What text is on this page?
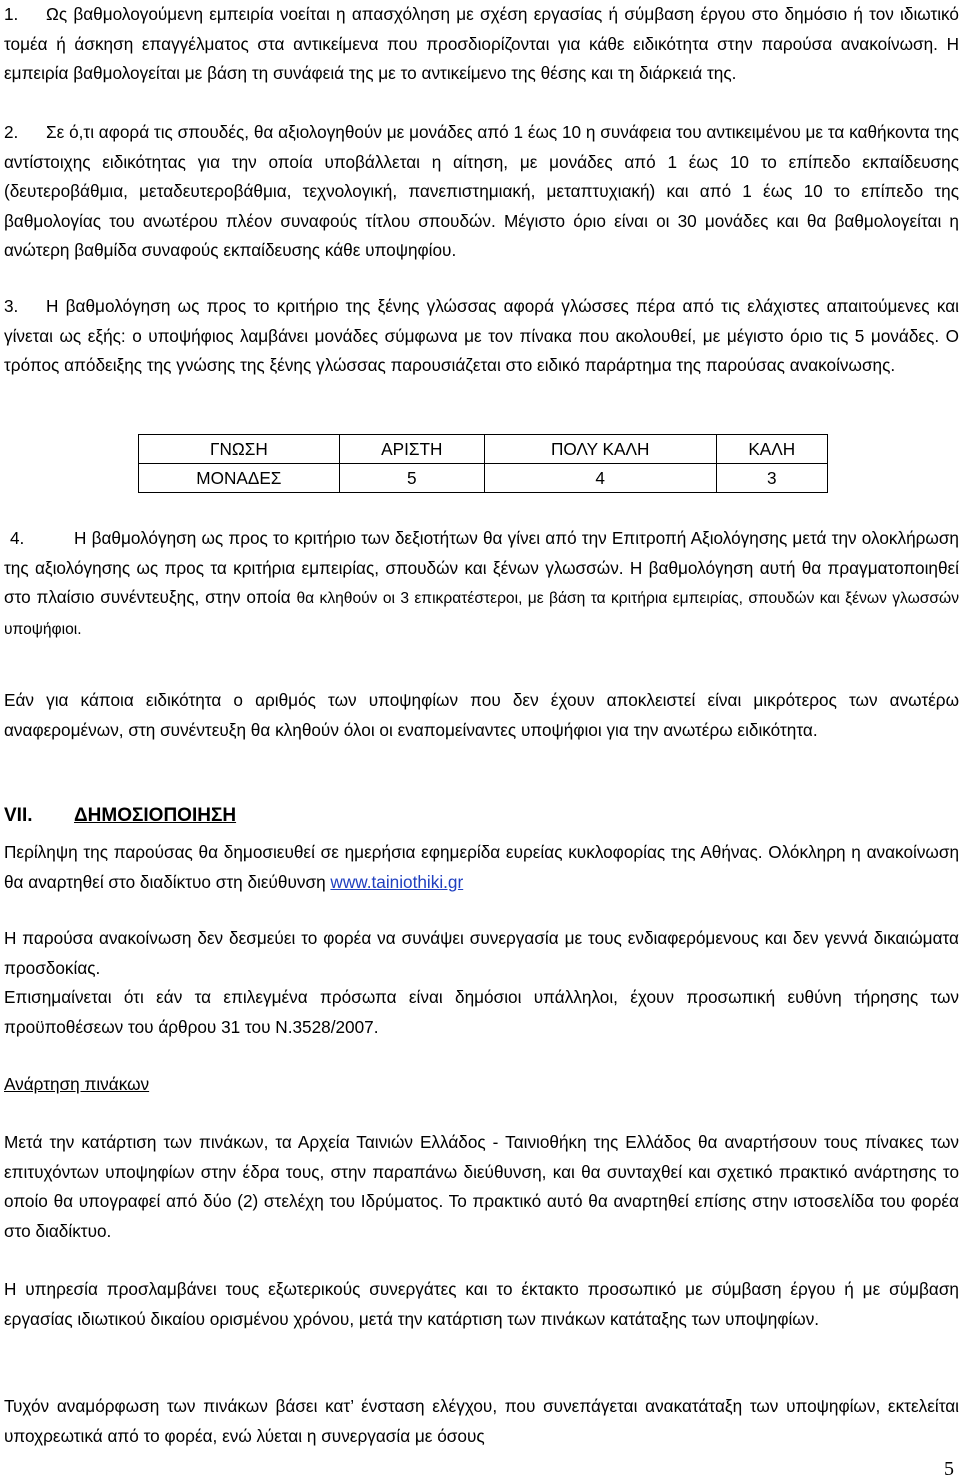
1. Ως βαθμολογούμενη εμπειρία νοείται η απασχόληση με σχέση εργασίας ή σύμβαση έργου στο δημόσιο ή τον ιδιωτικό τομέα ή άσκηση επαγγέλματος στα αντικείμενα που προσδιορίζονται για κάθε ειδικότητα στην παρούσα ανακοίνωση. Η εμπειρία βαθμολογείται με βάση τη συνάφειά της με το αντικείμενο της θέσης και τη διάρκειά της.

2. Σε ό,τι αφορά τις σπουδές, θα αξιολογηθούν με μονάδες από 1 έως 10 η συνάφεια του αντικειμένου με τα καθήκοντα της αντίστοιχης ειδικότητας για την οποία υποβάλλεται η αίτηση, με μονάδες από 1 έως 10 το επίπεδο εκπαίδευσης (δευτεροβάθμια, μεταδευτεροβάθμια, τεχνολογική, πανεπιστημιακή, μεταπτυχιακή) και από 1 έως 10 το επίπεδο της βαθμολογίας του ανωτέρου πλέον συναφούς τίτλου σπουδών. Μέγιστο όριο είναι οι 30 μονάδες και θα βαθμολογείται η ανώτερη βαθμίδα συναφούς εκπαίδευσης κάθε υποψηφίου.

3. Η βαθμολόγηση ως προς το κριτήριο της ξένης γλώσσας αφορά γλώσσες πέρα από τις ελάχιστες απαιτούμενες και γίνεται ως εξής: ο υποψήφιος λαμβάνει μονάδες σύμφωνα με τον πίνακα που ακολουθεί, με μέγιστο όριο τις 5 μονάδες. Ο τρόπος απόδειξης της γνώσης της ξένης γλώσσας παρουσιάζεται στο ειδικό παράρτημα της παρούσας ανακοίνωσης.

ΓΝΩΣΗ	ΑΡΙΣΤΗ	ΠΟΛΥ ΚΑΛΗ	ΚΑΛΗ
ΜΟΝΑΔΕΣ	5	4	3

4.	Η βαθμολόγηση ως προς το κριτήριο των δεξιοτήτων θα γίνει από την Επιτροπή Αξιολόγησης μετά την ολοκλήρωση της αξιολόγησης ως προς τα κριτήρια εμπειρίας, σπουδών και ξένων γλωσσών. Η βαθμολόγηση αυτή θα πραγματοποιηθεί στο πλαίσιο συνέντευξης, στην οποία θα κληθούν οι 3 επικρατέστεροι, με βάση τα κριτήρια εμπειρίας, σπουδών και ξένων γλωσσών υποψήφιοι.

Εάν για κάποια ειδικότητα ο αριθμός των υποψηφίων που δεν έχουν αποκλειστεί είναι μικρότερος των ανωτέρω αναφερομένων, στη συνέντευξη θα κληθούν όλοι οι εναπομείναντες υποψήφιοι για την ανωτέρω ειδικότητα.

VII. ΔΗΜΟΣΙΟΠΟΙΗΣΗ

Περίληψη της παρούσας θα δημοσιευθεί σε ημερήσια εφημερίδα ευρείας κυκλοφορίας της Αθήνας. Ολόκληρη η ανακοίνωση θα αναρτηθεί στο διαδίκτυο στη διεύθυνση www.tainiothiki.gr

Η παρούσα ανακοίνωση δεν δεσμεύει το φορέα να συνάψει συνεργασία με τους ενδιαφερόμενους και δεν γεννά δικαιώματα προσδοκίας.

Επισημαίνεται ότι εάν τα επιλεγμένα πρόσωπα είναι δημόσιοι υπάλληλοι, έχουν προσωπική ευθύνη τήρησης των προϋποθέσεων του άρθρου 31 του Ν.3528/2007.

Ανάρτηση πινάκων

Μετά την κατάρτιση των πινάκων, τα Αρχεία Ταινιών Ελλάδος - Ταινιοθήκη της Ελλάδος θα αναρτήσουν τους πίνακες των επιτυχόντων υποψηφίων στην έδρα τους, στην παραπάνω διεύθυνση, και θα συνταχθεί και σχετικό πρακτικό ανάρτησης το οποίο θα υπογραφεί από δύο (2) στελέχη του Ιδρύματος. Το πρακτικό αυτό θα αναρτηθεί επίσης στην ιστοσελίδα του φορέα στο διαδίκτυο.

Η υπηρεσία προσλαμβάνει τους εξωτερικούς συνεργάτες και το έκτακτο προσωπικό με σύμβαση έργου ή με σύμβαση εργασίας ιδιωτικού δικαίου ορισμένου χρόνου, μετά την κατάρτιση των πινάκων κατάταξης των υποψηφίων.

Τυχόν αναμόρφωση των πινάκων βάσει κατ’ ένσταση ελέγχου, που συνεπάγεται ανακατάταξη των υποψηφίων, εκτελείται υποχρεωτικά από το φορέα, ενώ λύεται η συνεργασία με όσους

5
